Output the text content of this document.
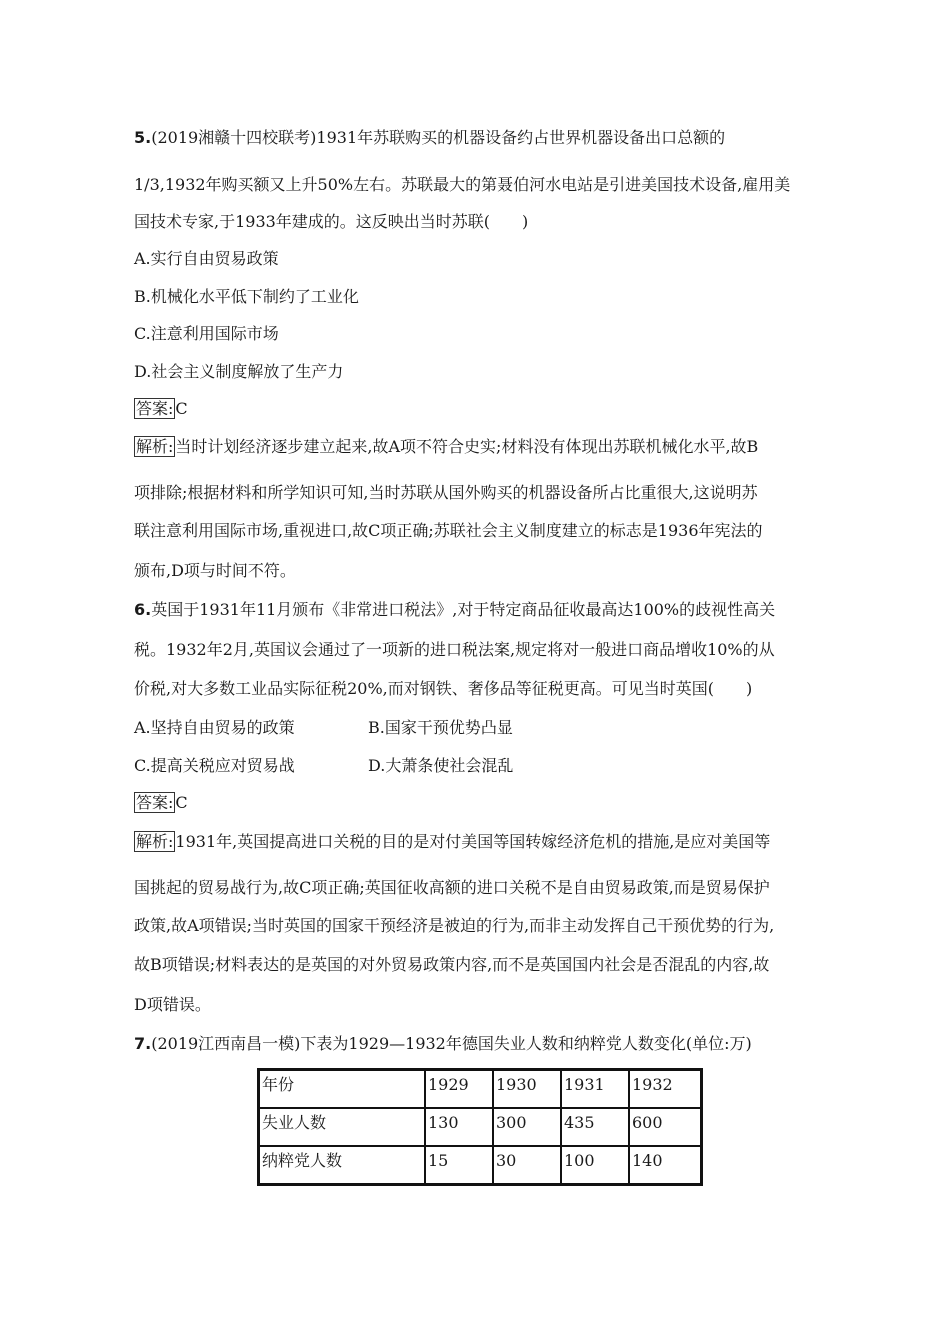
5.(2019湘赣十四校联考)1931年苏联购买的机器设备约占世界机器设备出口总额的
1/3,1932年购买额又上升50%左右。苏联最大的第聂伯河水电站是引进美国技术设备,雇用美
国技术专家,于1933年建成的。这反映出当时苏联(　　)
A.实行自由贸易政策
B.机械化水平低下制约了工业化
C.注意利用国际市场
D.社会主义制度解放了生产力
答案: C
解析: 当时计划经济逐步建立起来,故A项不符合史实;材料没有体现出苏联机械化水平,故B
项排除;根据材料和所学知识可知,当时苏联从国外购买的机器设备所占比重很大,这说明苏
联注意利用国际市场,重视进口,故C项正确;苏联社会主义制度建立的标志是1936年宪法的
颁布,D项与时间不符。
6.英国于1931年11月颁布《非常进口税法》,对于特定商品征收最高达100%的歧视性高关
税。1932年2月,英国议会通过了一项新的进口税法案,规定将对一般进口商品增收10%的从
价税,对大多数工业品实际征税20%,而对钢铁、奢侈品等征税更高。可见当时英国(　　)
A.坚持自由贸易的政策	B.国家干预优势凸显
C.提高关税应对贸易战	D.大萧条使社会混乱
答案: C
解析: 1931年,英国提高进口关税的目的是对付美国等国转嫁经济危机的措施,是应对美国等
国挑起的贸易战行为,故C项正确;英国征收高额的进口关税不是自由贸易政策,而是贸易保护
政策,故A项错误;当时英国的国家干预经济是被迫的行为,而非主动发挥自己干预优势的行为,
故B项错误;材料表达的是英国的对外贸易政策内容,而不是英国国内社会是否混乱的内容,故
D项错误。
7.(2019江西南昌一模)下表为1929—1932年德国失业人数和纳粹党人数变化(单位:万)
年份	1929	1930	1931	1932
失业人数	130	300	435	600
纳粹党人数	15	30	100	140
